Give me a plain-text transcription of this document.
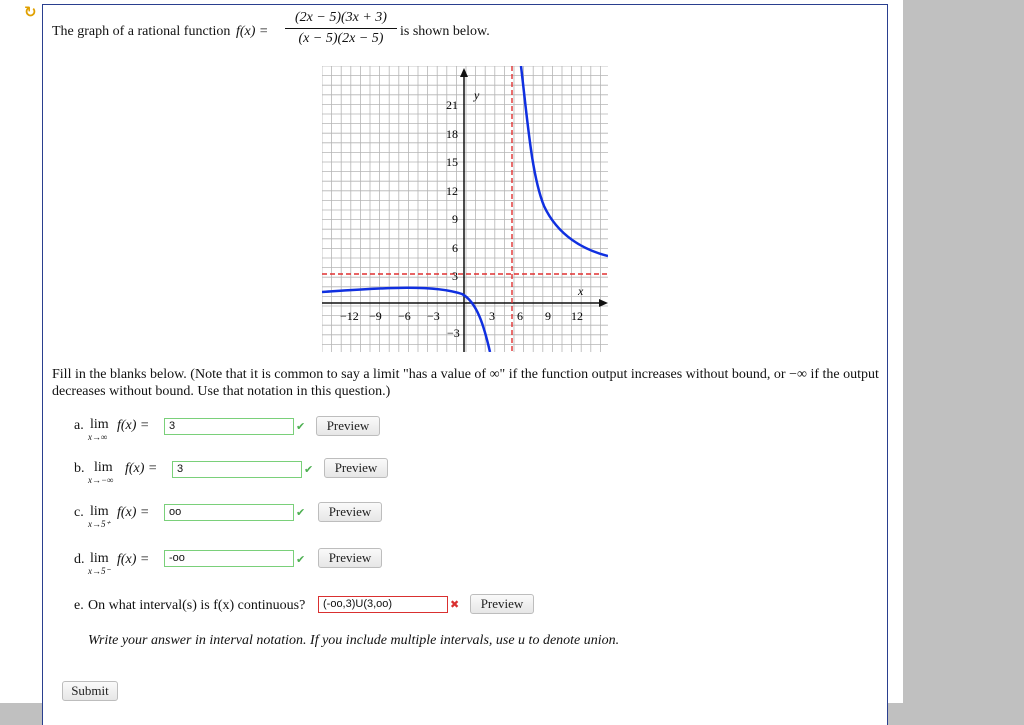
↻
The graph of a rational function f(x) =
(2x − 5)(3x + 3)
(x − 5)(2x − 5)	is shown below.
y
x
−12 −9 −6 −3	3 6 9 12
21
18
15
12
9
6
3
−3
Fill in the blanks below. (Note that it is common to say a limit "has a value of ∞" if the function output increases without bound, or −∞ if the output decreases without bound. Use that notation in this question.)
a. lim
x→∞
f(x) =	3	✔	Preview
b. lim
x→−∞
f(x) =	3	✔	Preview
c. lim
x→5⁺
f(x) =	oo	✔	Preview
d. lim
x→5⁻
f(x) =	-oo	✔	Preview
e. On what interval(s) is f(x) continuous?	(-oo,3)U(3,oo)	✖	Preview
Write your answer in interval notation. If you include multiple intervals, use u to denote union.
Submit
